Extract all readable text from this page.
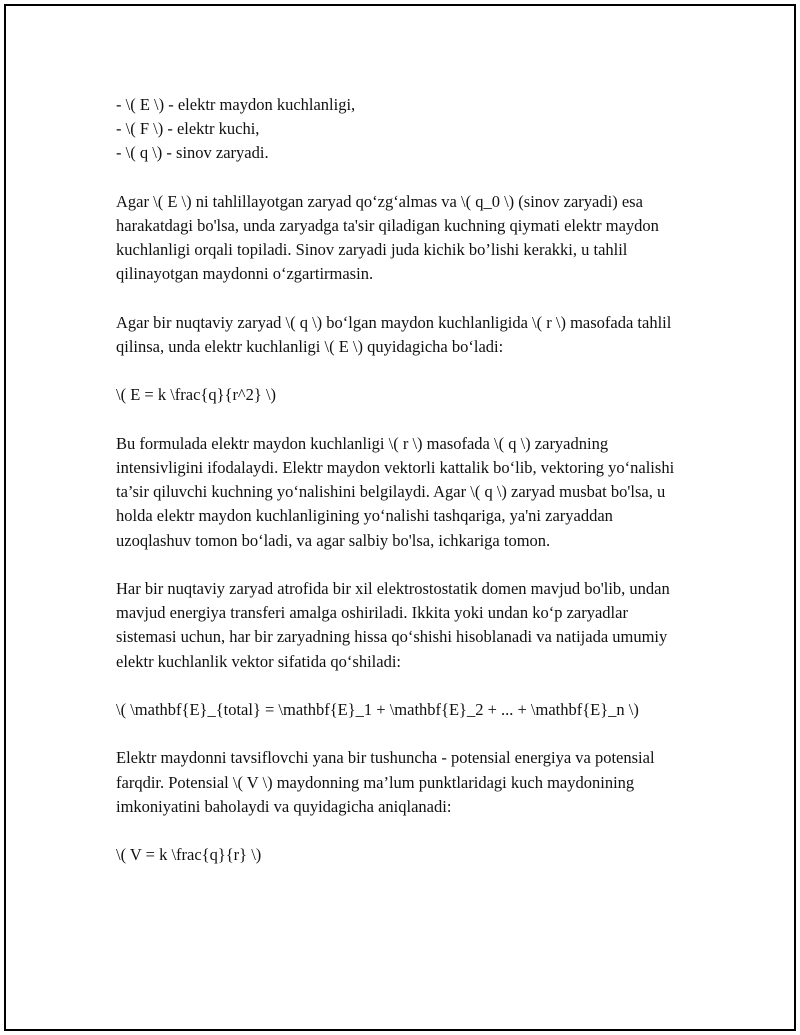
- \( E \) - elektr maydon kuchlanligi,
- \( F \) - elektr kuchi,
- \( q \) - sinov zaryadi.

Agar \( E \) ni tahlillayotgan zaryad qo‘zg‘almas va \( q_0 \) (sinov zaryadi) esa harakatdagi bo'lsa, unda zaryadga ta'sir qiladigan kuchning qiymati elektr maydon kuchlanligi orqali topiladi. Sinov zaryadi juda kichik bo’lishi kerakki, u tahlil qilinayotgan maydonni o‘zgartirmasin.

Agar bir nuqtaviy zaryad \( q \) bo‘lgan maydon kuchlanligida \( r \) masofada tahlil qilinsa, unda elektr kuchlanligi \( E \) quyidagicha bo‘ladi:

\( E = k \frac{q}{r^2} \)

Bu formulada elektr maydon kuchlanligi \( r \) masofada \( q \) zaryadning intensivligini ifodalaydi. Elektr maydon vektorli kattalik bo‘lib, vektoring yo‘nalishi ta’sir qiluvchi kuchning yo‘nalishini belgilaydi. Agar \( q \) zaryad musbat bo'lsa, u holda elektr maydon kuchlanligining yo‘nalishi tashqariga, ya'ni zaryaddan uzoqlashuv tomon bo‘ladi, va agar salbiy bo'lsa, ichkariga tomon.

Har bir nuqtaviy zaryad atrofida bir xil elektrostostatik domen mavjud bo'lib, undan mavjud energiya transferi amalga oshiriladi. Ikkita yoki undan ko‘p zaryadlar sistemasi uchun, har bir zaryadning hissa qo‘shishi hisoblanadi va natijada umumiy elektr kuchlanlik vektor sifatida qo‘shiladi:

\( \mathbf{E}_{total} = \mathbf{E}_1 + \mathbf{E}_2 + ... + \mathbf{E}_n \)

Elektr maydonni tavsiflovchi yana bir tushuncha - potensial energiya va potensial farqdir. Potensial \( V \) maydonning ma’lum punktlaridagi kuch maydonining imkoniyatini baholaydi va quyidagicha aniqlanadi:

\( V = k \frac{q}{r} \)
